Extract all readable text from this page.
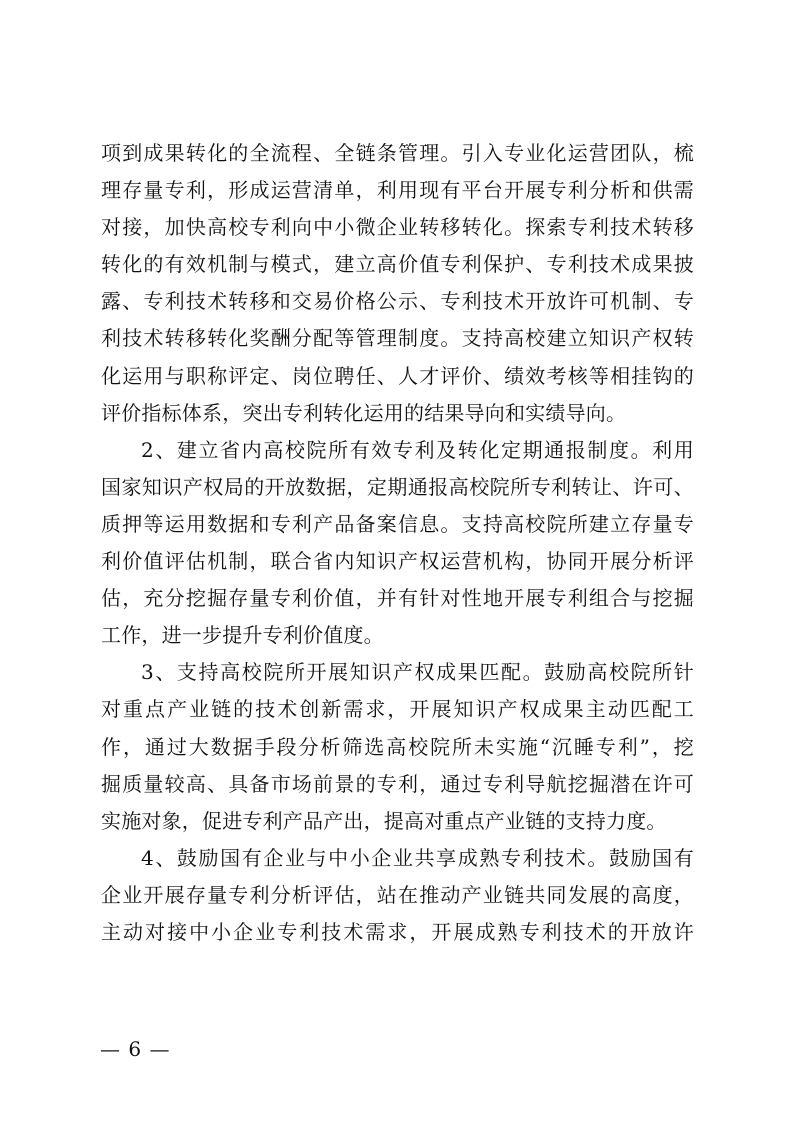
项到成果转化的全流程、全链条管理。引入专业化运营团队，梳
理存量专利，形成运营清单，利用现有平台开展专利分析和供需
对接，加快高校专利向中小微企业转移转化。探索专利技术转移
转化的有效机制与模式，建立高价值专利保护、专利技术成果披
露、专利技术转移和交易价格公示、专利技术开放许可机制、专
利技术转移转化奖酬分配等管理制度。支持高校建立知识产权转
化运用与职称评定、岗位聘任、人才评价、绩效考核等相挂钩的
评价指标体系，突出专利转化运用的结果导向和实绩导向。
2、建立省内高校院所有效专利及转化定期通报制度。利用
国家知识产权局的开放数据，定期通报高校院所专利转让、许可、
质押等运用数据和专利产品备案信息。支持高校院所建立存量专
利价值评估机制，联合省内知识产权运营机构，协同开展分析评
估，充分挖掘存量专利价值，并有针对性地开展专利组合与挖掘
工作，进一步提升专利价值度。
3、支持高校院所开展知识产权成果匹配。鼓励高校院所针
对重点产业链的技术创新需求，开展知识产权成果主动匹配工
作，通过大数据手段分析筛选高校院所未实施“沉睡专利”，挖
掘质量较高、具备市场前景的专利，通过专利导航挖掘潜在许可
实施对象，促进专利产品产出，提高对重点产业链的支持力度。
4、鼓励国有企业与中小企业共享成熟专利技术。鼓励国有
企业开展存量专利分析评估，站在推动产业链共同发展的高度，
主动对接中小企业专利技术需求，开展成熟专利技术的开放许
— 6 —
